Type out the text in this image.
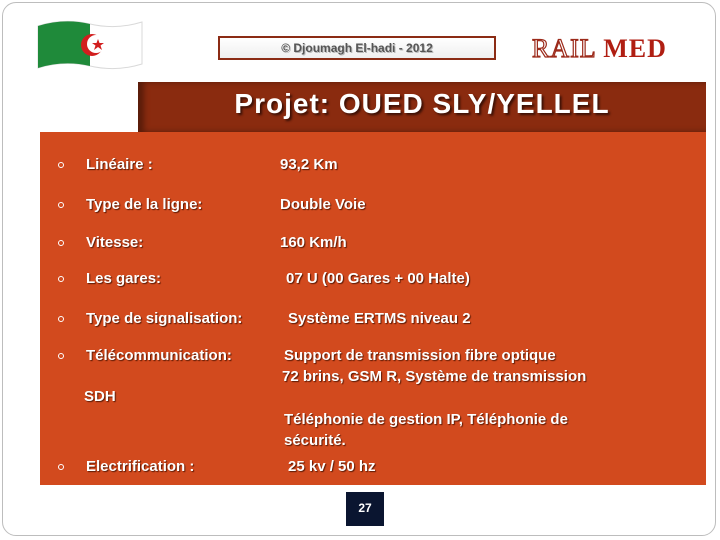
© Djoumagh El-hadi - 2012	RAIL MED
Projet: OUED SLY/YELLEL
Linéaire :	93,2 Km
Type de la ligne:	Double Voie
Vitesse:	160 Km/h
Les gares:	07 U (00 Gares + 00 Halte)
Type de signalisation:	Système ERTMS niveau 2
Télécommunication:	Support de transmission fibre optique
72 brins, GSM R, Système de transmission
SDH
Téléphonie de gestion IP, Téléphonie de
sécurité.
Electrification :	25 kv / 50 hz
27
